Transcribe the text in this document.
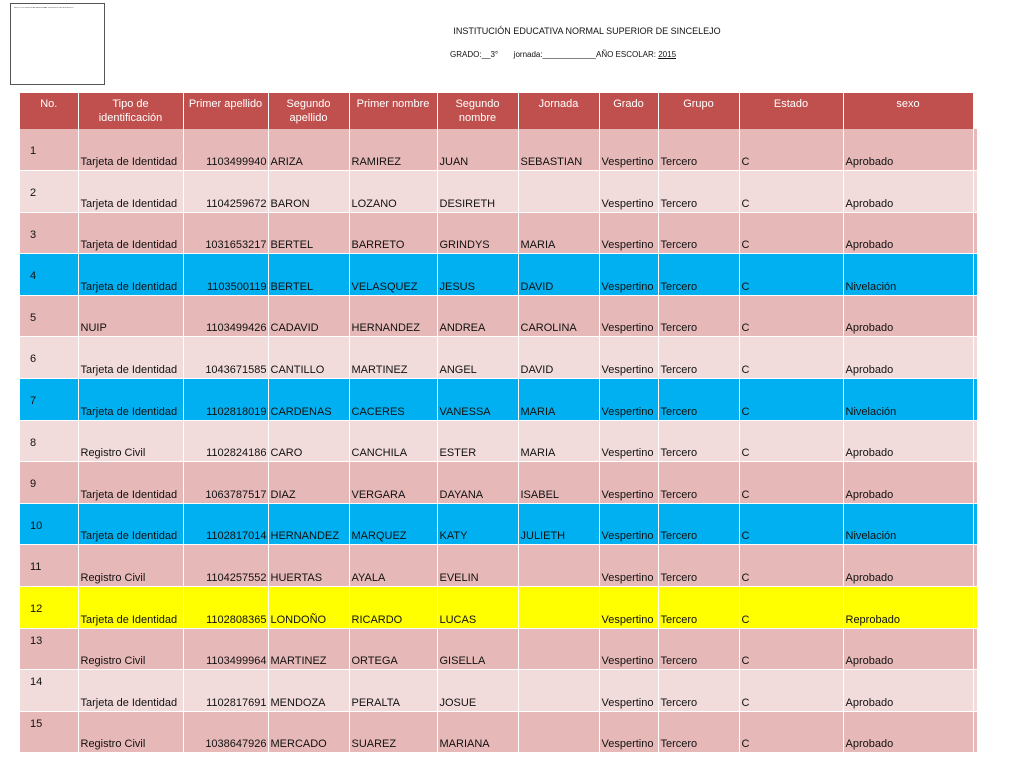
INSTITUCIÓN EDUCATIVA NORMAL SUPERIOR DE SINCELEJO
INSTITUCIÓN EDUCATIVA NORMAL SUPERIOR DE SINCELEJO
GRADO:__3° jornada:____________AÑO ESCOLAR: 2015
No.	Tipo de identificación	Primer apellido	Segundo apellido	Primer nombre	Segundo nombre	Jornada	Grado	Grupo	Estado	sexo	
1	Tarjeta de Identidad	1103499940	ARIZA	RAMIREZ	JUAN	SEBASTIAN	Vespertino	Tercero	C	Aprobado	
2	Tarjeta de Identidad	1104259672	BARON	LOZANO	DESIRETH		Vespertino	Tercero	C	Aprobado	
3	Tarjeta de Identidad	1031653217	BERTEL	BARRETO	GRINDYS	MARIA	Vespertino	Tercero	C	Aprobado	
4	Tarjeta de Identidad	1103500119	BERTEL	VELASQUEZ	JESUS	DAVID	Vespertino	Tercero	C	Nivelación	
5	NUIP	1103499426	CADAVID	HERNANDEZ	ANDREA	CAROLINA	Vespertino	Tercero	C	Aprobado	
6	Tarjeta de Identidad	1043671585	CANTILLO	MARTINEZ	ANGEL	DAVID	Vespertino	Tercero	C	Aprobado	
7	Tarjeta de Identidad	1102818019	CARDENAS	CACERES	VANESSA	MARIA	Vespertino	Tercero	C	Nivelación	
8	Registro Civil	1102824186	CARO	CANCHILA	ESTER	MARIA	Vespertino	Tercero	C	Aprobado	
9	Tarjeta de Identidad	1063787517	DIAZ	VERGARA	DAYANA	ISABEL	Vespertino	Tercero	C	Aprobado	
10	Tarjeta de Identidad	1102817014	HERNANDEZ	MARQUEZ	KATY	JULIETH	Vespertino	Tercero	C	Nivelación	
11	Registro Civil	1104257552	HUERTAS	AYALA	EVELIN		Vespertino	Tercero	C	Aprobado	
12	Tarjeta de Identidad	1102808365	LONDOÑO	RICARDO	LUCAS		Vespertino	Tercero	C	Reprobado	
13	Registro Civil	1103499964	MARTINEZ	ORTEGA	GISELLA		Vespertino	Tercero	C	Aprobado	
14	Tarjeta de Identidad	1102817691	MENDOZA	PERALTA	JOSUE		Vespertino	Tercero	C	Aprobado	
15	Registro Civil	1038647926	MERCADO	SUAREZ	MARIANA		Vespertino	Tercero	C	Aprobado	
